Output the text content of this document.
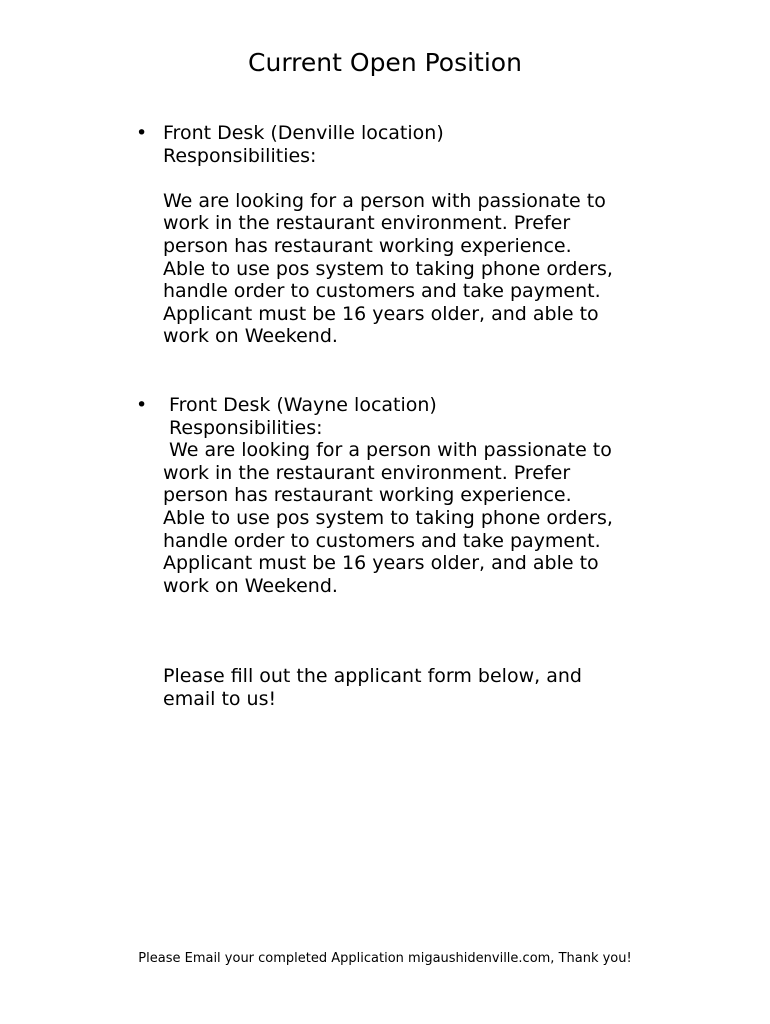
Current Open Position
• Front Desk (Denville location)
Responsibilities:
We are looking for a person with passionate to
work in the restaurant environment. Prefer
person has restaurant working experience.
Able to use pos system to taking phone orders,
handle order to customers and take payment.
Applicant must be 16 years older, and able to
work on Weekend.
• Front Desk (Wayne location)
Responsibilities:
We are looking for a person with passionate to
work in the restaurant environment. Prefer
person has restaurant working experience.
Able to use pos system to taking phone orders,
handle order to customers and take payment.
Applicant must be 16 years older, and able to
work on Weekend.
Please fill out the applicant form below, and
email to us!
Please Email your completed Application migaushidenville.com, Thank you!
